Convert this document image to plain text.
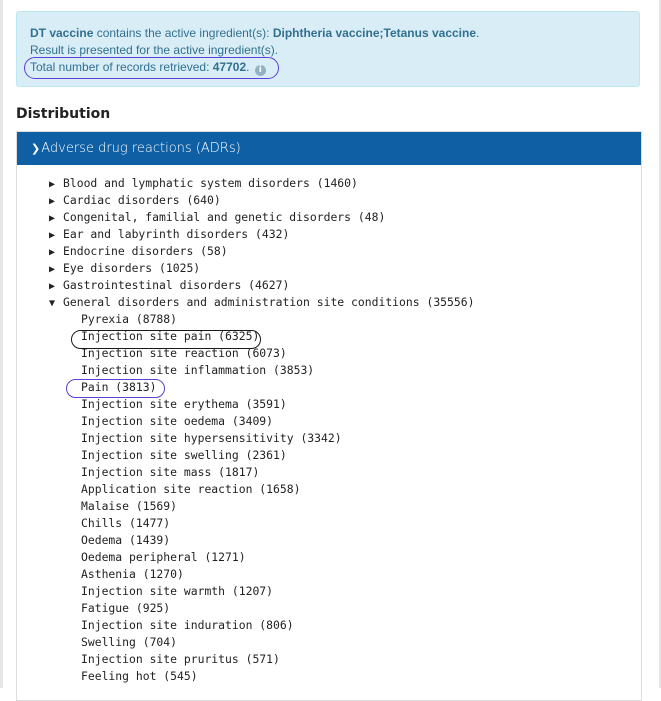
DT vaccine contains the active ingredient(s): Diphtheria vaccine;Tetanus vaccine.
Result is presented for the active ingredient(s).
Total number of records retrieved: 47702. i
Distribution
❯Adverse drug reactions (ADRs)
▶ Blood and lymphatic system disorders (1460)
▶ Cardiac disorders (640)
▶ Congenital, familial and genetic disorders (48)
▶ Ear and labyrinth disorders (432)
▶ Endocrine disorders (58)
▶ Eye disorders (1025)
▶ Gastrointestinal disorders (4627)
▼ General disorders and administration site conditions (35556)
Pyrexia (8788)
Injection site pain (6325)
Injection site reaction (6073)
Injection site inflammation (3853)
Pain (3813)
Injection site erythema (3591)
Injection site oedema (3409)
Injection site hypersensitivity (3342)
Injection site swelling (2361)
Injection site mass (1817)
Application site reaction (1658)
Malaise (1569)
Chills (1477)
Oedema (1439)
Oedema peripheral (1271)
Asthenia (1270)
Injection site warmth (1207)
Fatigue (925)
Injection site induration (806)
Swelling (704)
Injection site pruritus (571)
Feeling hot (545)
